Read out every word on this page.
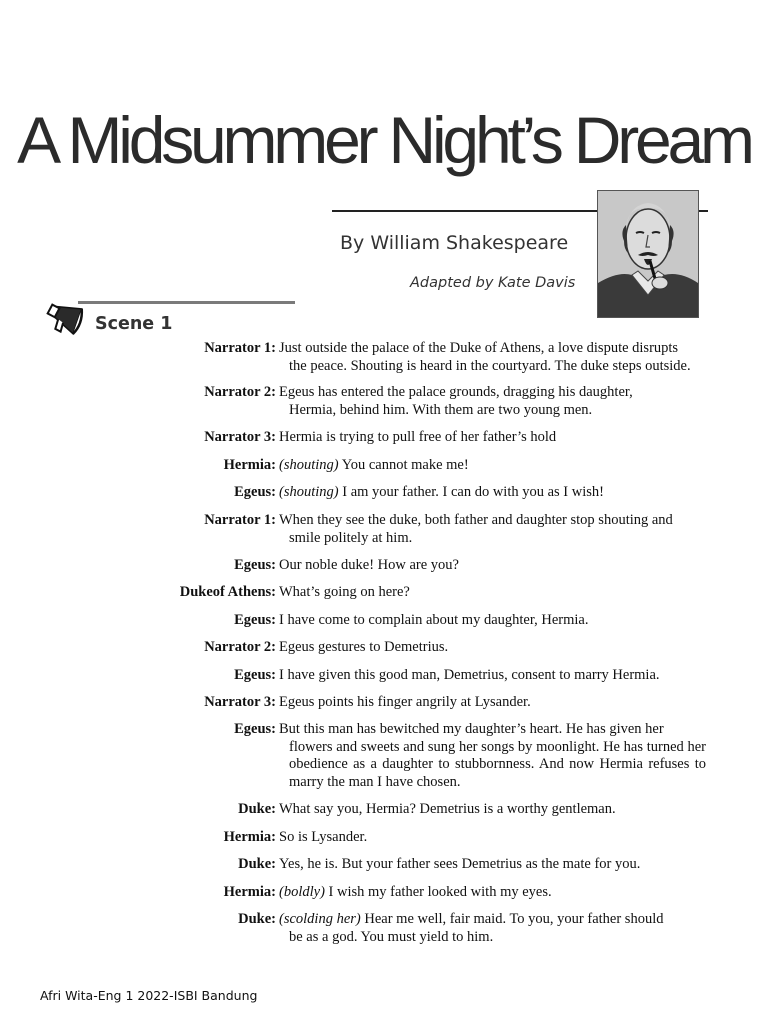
A Midsummer Night’s Dream
By William Shakespeare
Adapted by Kate Davis
Scene 1
Narrator 1: Just outside the palace of the Duke of Athens, a love dispute disrupts
the peace. Shouting is heard in the courtyard. The duke steps outside.
Narrator 2: Egeus has entered the palace grounds, dragging his daughter,
Hermia, behind him. With them are two young men.
Narrator 3: Hermia is trying to pull free of her father’s hold
Hermia: (shouting) You cannot make me!
Egeus: (shouting) I am your father. I can do with you as I wish!
Narrator 1: When they see the duke, both father and daughter stop shouting and
smile politely at him.
Egeus: Our noble duke! How are you?
Dukeof Athens: What’s going on here?
Egeus: I have come to complain about my daughter, Hermia.
Narrator 2: Egeus gestures to Demetrius.
Egeus: I have given this good man, Demetrius, consent to marry Hermia.
Narrator 3: Egeus points his finger angrily at Lysander.
Egeus: But this man has bewitched my daughter’s heart. He has given her
flowers and sweets and sung her songs by moonlight. He has turned her obedience as a daughter to stubbornness. And now Hermia refuses to marry the man I have chosen.
Duke: What say you, Hermia? Demetrius is a worthy gentleman.
Hermia:So is Lysander.
Duke: Yes, he is. But your father sees Demetrius as the mate for you.
Hermia: (boldly) I wish my father looked with my eyes.
Duke: (scolding her) Hear me well, fair maid. To you, your father should
be as a god. You must yield to him.
Afri Wita-Eng 1 2022-ISBI Bandung
